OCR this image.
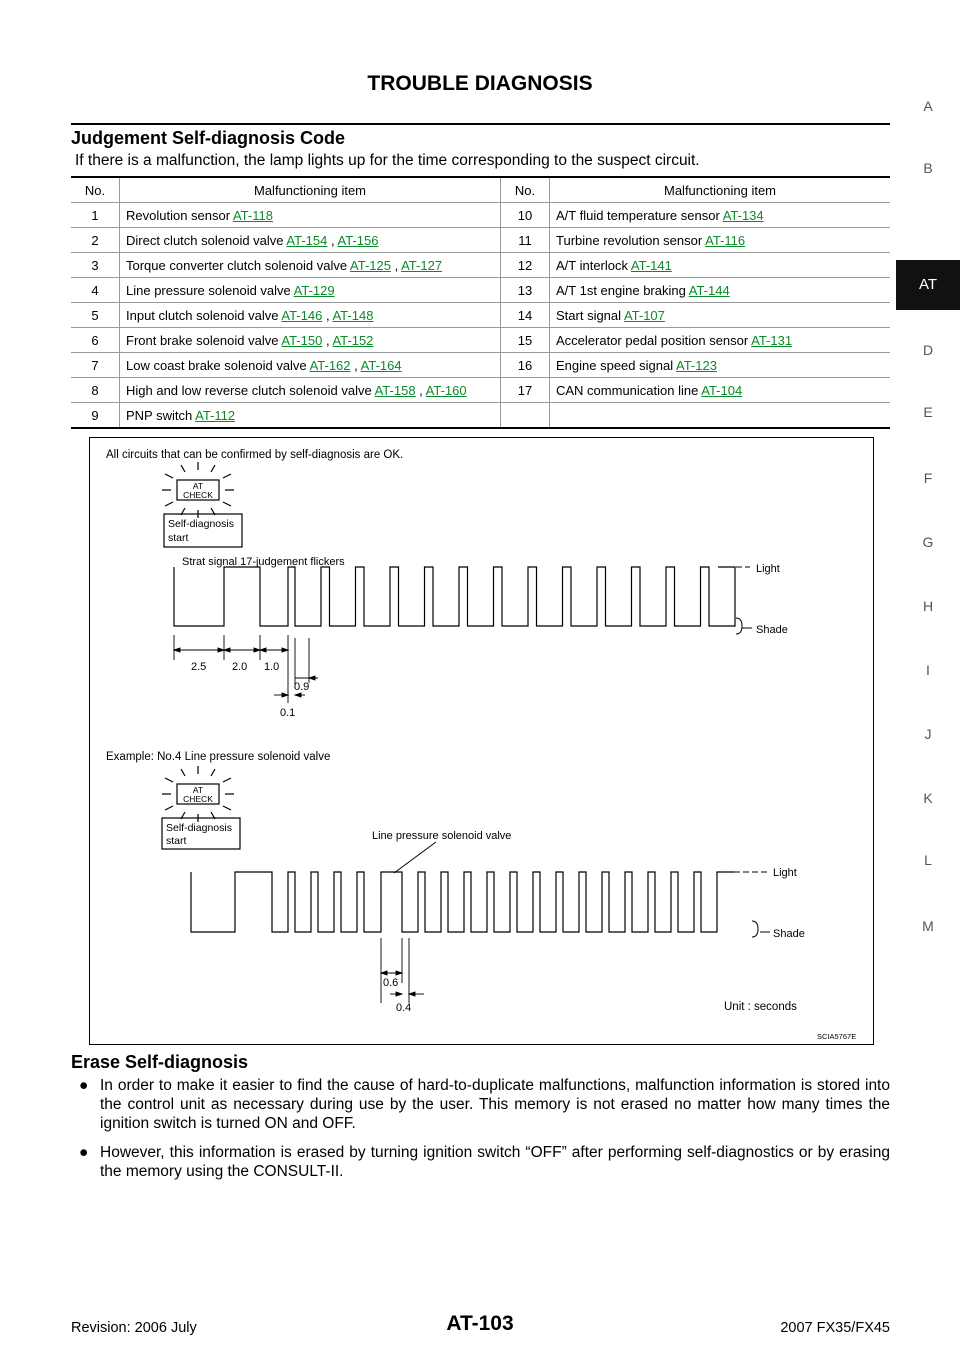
TROUBLE DIAGNOSIS
A
B
AT
D
E
F
G
H
I
J
K
L
M
Judgement Self-diagnosis Code
If there is a malfunction, the lamp lights up for the time corresponding to the suspect circuit.
No.	Malfunctioning item	No.	Malfunctioning item
1	Revolution sensor AT-118	10	A/T fluid temperature sensor AT-134
2	Direct clutch solenoid valve AT-154 , AT-156	11	Turbine revolution sensor AT-116
3	Torque converter clutch solenoid valve AT-125 , AT-127	12	A/T interlock AT-141
4	Line pressure solenoid valve AT-129	13	A/T 1st engine braking AT-144
5	Input clutch solenoid valve AT-146 , AT-148	14	Start signal AT-107
6	Front brake solenoid valve AT-150 , AT-152	15	Accelerator pedal position sensor AT-131
7	Low coast brake solenoid valve AT-162 , AT-164	16	Engine speed signal AT-123
8	High and low reverse clutch solenoid valve AT-158 , AT-160	17	CAN communication line AT-104
9	PNP switch AT-112		
All circuits that can be confirmed by self-diagnosis are OK.
AT
CHECK
Self-diagnosis
start
Strat signal 17-judgement flickers
Light
Shade
2.5 2.0 1.0
0.9
0.1
Example: No.4 Line pressure solenoid valve
AT
CHECK
Self-diagnosis
start	Line pressure solenoid valve
Light
Shade
0.6
0.4	Unit : seconds
SCIA5767E
Erase Self-diagnosis
● In order to make it easier to find the cause of hard-to-duplicate malfunctions, malfunction information is stored into the control unit as necessary during use by the user. This memory is not erased no matter how many times the ignition switch is turned ON and OFF.
● However, this information is erased by turning ignition switch “OFF” after performing self-diagnostics or by erasing the memory using the CONSULT-II.
Revision: 2006 July	AT-103	2007 FX35/FX45
